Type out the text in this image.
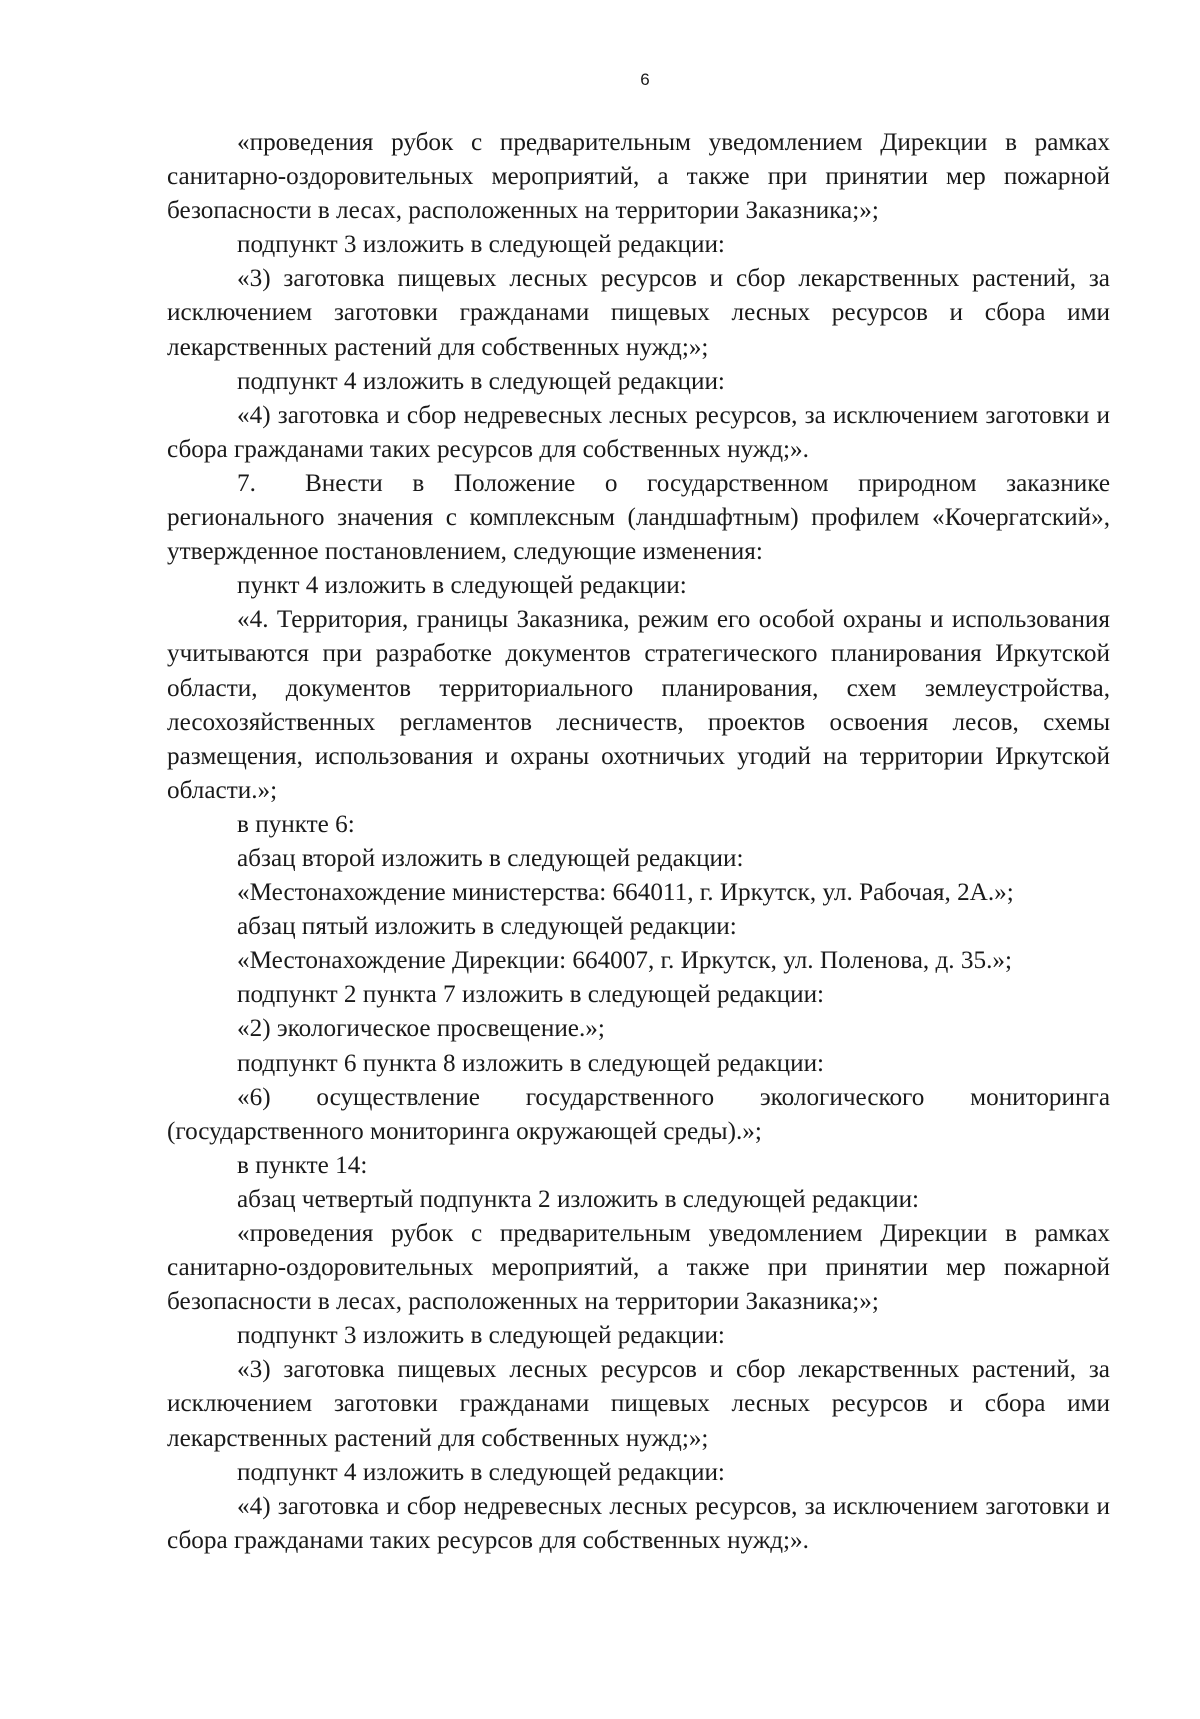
6

«проведения рубок с предварительным уведомлением Дирекции в рамках санитарно-оздоровительных мероприятий, а также при принятии мер пожарной безопасности в лесах, расположенных на территории Заказника;»;

подпункт 3 изложить в следующей редакции:

«3) заготовка пищевых лесных ресурсов и сбор лекарственных растений, за исключением заготовки гражданами пищевых лесных ресурсов и сбора ими лекарственных растений для собственных нужд;»;

подпункт 4 изложить в следующей редакции:

«4) заготовка и сбор недревесных лесных ресурсов, за исключением заготовки и сбора гражданами таких ресурсов для собственных нужд;».

7. Внести в Положение о государственном природном заказнике регионального значения с комплексным (ландшафтным) профилем «Кочергатский», утвержденное постановлением, следующие изменения:

пункт 4 изложить в следующей редакции:

«4. Территория, границы Заказника, режим его особой охраны и использования учитываются при разработке документов стратегического планирования Иркутской области, документов территориального планирования, схем землеустройства, лесохозяйственных регламентов лесничеств, проектов освоения лесов, схемы размещения, использования и охраны охотничьих угодий на территории Иркутской области.»;

в пункте 6:

абзац второй изложить в следующей редакции:

«Местонахождение министерства: 664011, г. Иркутск, ул. Рабочая, 2А.»;

абзац пятый изложить в следующей редакции:

«Местонахождение Дирекции: 664007, г. Иркутск, ул. Поленова, д. 35.»;

подпункт 2 пункта 7 изложить в следующей редакции:

«2) экологическое просвещение.»;

подпункт 6 пункта 8 изложить в следующей редакции:

«6) осуществление государственного экологического мониторинга (государственного мониторинга окружающей среды).»;

в пункте 14:

абзац четвертый подпункта 2 изложить в следующей редакции:

«проведения рубок с предварительным уведомлением Дирекции в рамках санитарно-оздоровительных мероприятий, а также при принятии мер пожарной безопасности в лесах, расположенных на территории Заказника;»;

подпункт 3 изложить в следующей редакции:

«3) заготовка пищевых лесных ресурсов и сбор лекарственных растений, за исключением заготовки гражданами пищевых лесных ресурсов и сбора ими лекарственных растений для собственных нужд;»;

подпункт 4 изложить в следующей редакции:

«4) заготовка и сбор недревесных лесных ресурсов, за исключением заготовки и сбора гражданами таких ресурсов для собственных нужд;».
